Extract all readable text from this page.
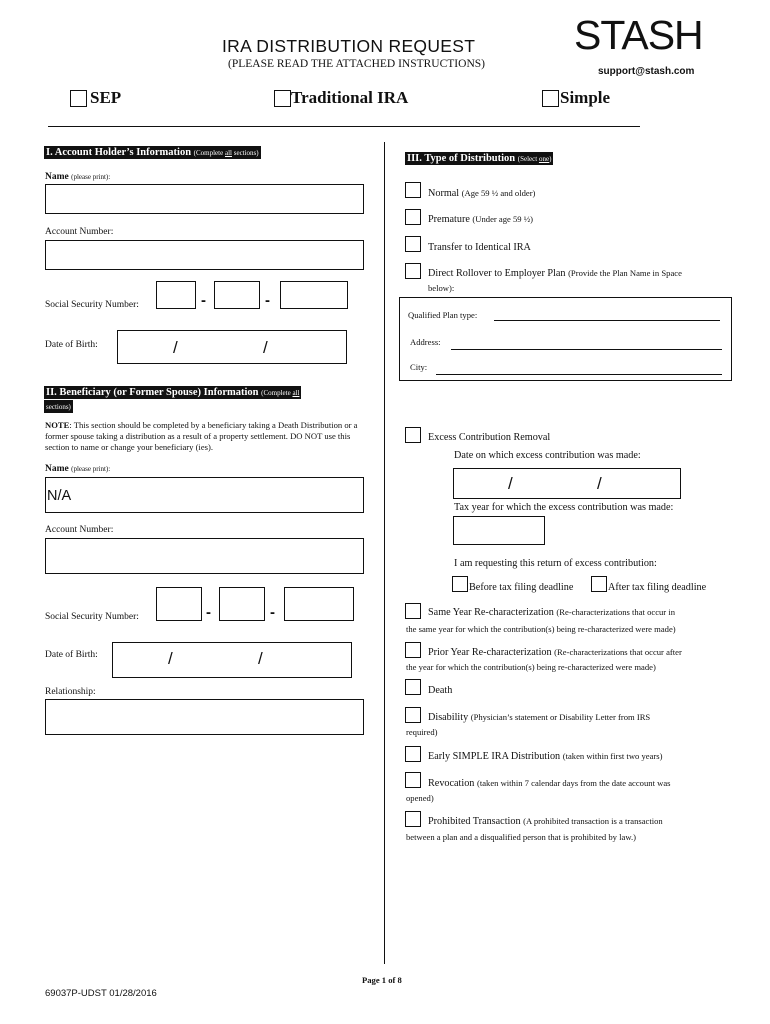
IRA DISTRIBUTION REQUEST
(PLEASE READ THE ATTACHED INSTRUCTIONS)
STASH
support@stash.com
SEP	Traditional IRA	Simple
I. Account Holder’s Information (Complete all sections)
Name (please print):
Account Number:
Social Security Number:	-	-
Date of Birth:	/	/
II. Beneficiary (or Former Spouse) Information (Complete all
sections)
NOTE: This section should be completed by a beneficiary taking a Death Distribution or a former spouse taking a distribution as a result of a property settlement. DO NOT use this section to name or change your beneficiary (ies).
Name (please print):
N/A
Account Number:
Social Security Number:	-	-
Date of Birth:	/	/
Relationship:
III. Type of Distribution (Select one)
Normal (Age 59 ½ and older)
Premature (Under age 59 ½)
Transfer to Identical IRA
Direct Rollover to Employer Plan (Provide the Plan Name in Space
below):
Qualified Plan type:
Address:
City:
Excess Contribution Removal
Date on which excess contribution was made:
/	/
Tax year for which the excess contribution was made:
I am requesting this return of excess contribution:
Before tax filing deadline	After tax filing deadline
Same Year Re-characterization (Re-characterizations that occur in
the same year for which the contribution(s) being re-characterized were made)
Prior Year Re-characterization (Re-characterizations that occur after
the year for which the contribution(s) being re-characterized were made)
Death
Disability (Physician’s statement or Disability Letter from IRS
required)
Early SIMPLE IRA Distribution (taken within first two years)
Revocation (taken within 7 calendar days from the date account was
opened)
Prohibited Transaction (A prohibited transaction is a transaction
between a plan and a disqualified person that is prohibited by law.)
Page 1 of 8
69037P-UDST 01/28/2016
